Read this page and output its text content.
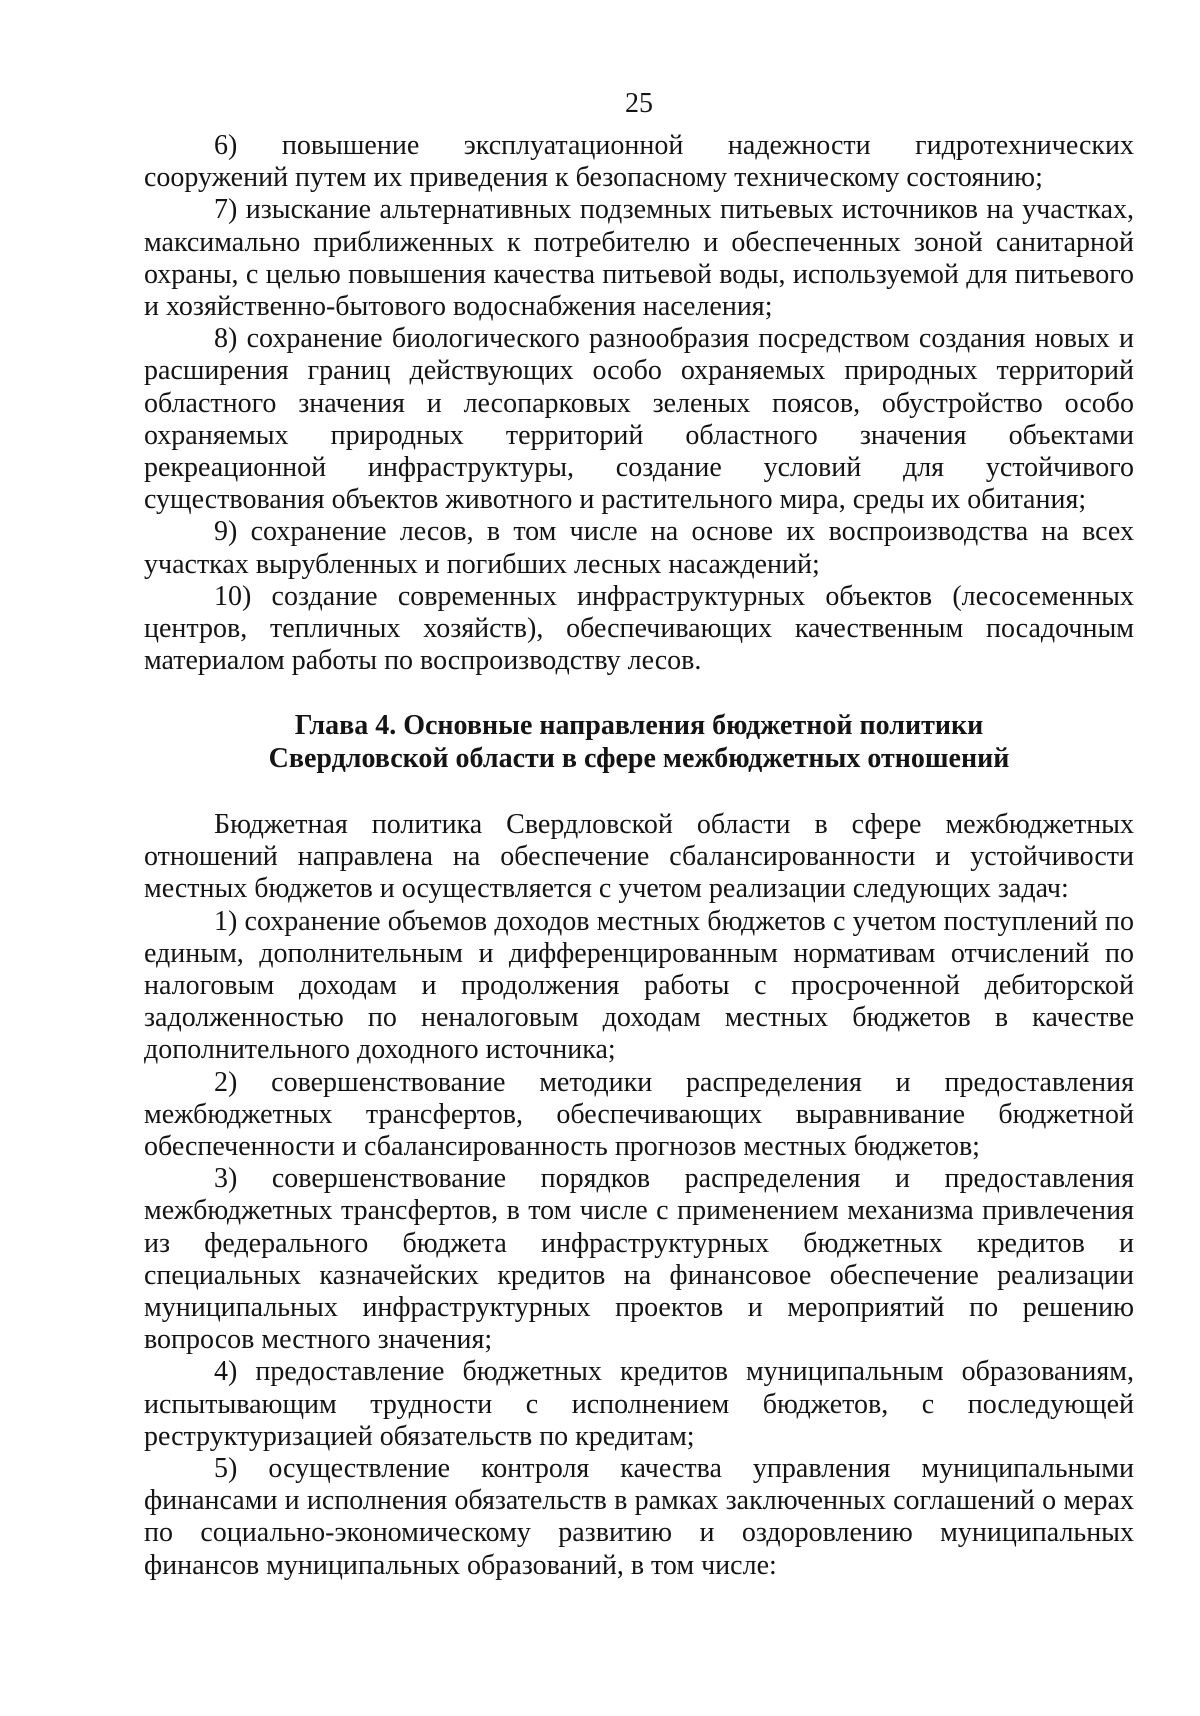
25

6) повышение эксплуатационной надежности гидротехнических сооружений путем их приведения к безопасному техническому состоянию;

7) изыскание альтернативных подземных питьевых источников на участках, максимально приближенных к потребителю и обеспеченных зоной санитарной охраны, с целью повышения качества питьевой воды, используемой для питьевого и хозяйственно-бытового водоснабжения населения;

8) сохранение биологического разнообразия посредством создания новых и расширения границ действующих особо охраняемых природных территорий областного значения и лесопарковых зеленых поясов, обустройство особо охраняемых природных территорий областного значения объектами рекреационной инфраструктуры, создание условий для устойчивого существования объектов животного и растительного мира, среды их обитания;

9) сохранение лесов, в том числе на основе их воспроизводства на всех участках вырубленных и погибших лесных насаждений;

10) создание современных инфраструктурных объектов (лесосеменных центров, тепличных хозяйств), обеспечивающих качественным посадочным материалом работы по воспроизводству лесов.

Глава 4. Основные направления бюджетной политики
Свердловской области в сфере межбюджетных отношений

Бюджетная политика Свердловской области в сфере межбюджетных отношений направлена на обеспечение сбалансированности и устойчивости местных бюджетов и осуществляется с учетом реализации следующих задач:

1) сохранение объемов доходов местных бюджетов с учетом поступлений по единым, дополнительным и дифференцированным нормативам отчислений по налоговым доходам и продолжения работы с просроченной дебиторской задолженностью по неналоговым доходам местных бюджетов в качестве дополнительного доходного источника;

2) совершенствование методики распределения и предоставления межбюджетных трансфертов, обеспечивающих выравнивание бюджетной обеспеченности и сбалансированность прогнозов местных бюджетов;

3) совершенствование порядков распределения и предоставления межбюджетных трансфертов, в том числе с применением механизма привлечения из федерального бюджета инфраструктурных бюджетных кредитов и специальных казначейских кредитов на финансовое обеспечение реализации муниципальных инфраструктурных проектов и мероприятий по решению вопросов местного значения;

4) предоставление бюджетных кредитов муниципальным образованиям, испытывающим трудности с исполнением бюджетов, с последующей реструктуризацией обязательств по кредитам;

5) осуществление контроля качества управления муниципальными финансами и исполнения обязательств в рамках заключенных соглашений о мерах по социально-экономическому развитию и оздоровлению муниципальных финансов муниципальных образований, в том числе:
